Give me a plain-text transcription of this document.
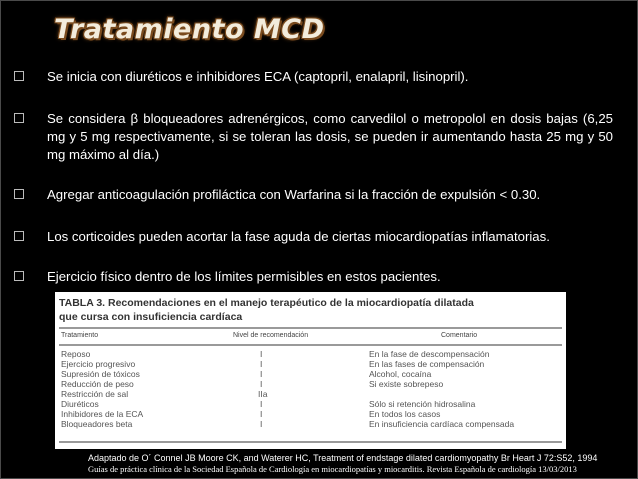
Tratamiento MCD
Se inicia con diuréticos e inhibidores ECA (captopril, enalapril, lisinopril).
Se considera β bloqueadores adrenérgicos, como carvedilol o metropolol en dosis bajas (6,25 mg y 5 mg respectivamente, si se toleran las dosis, se pueden ir aumentando hasta 25 mg y 50 mg máximo al día.)
Agregar anticoagulación profiláctica con Warfarina si la fracción de expulsión < 0.30.
Los corticoides pueden acortar la fase aguda de ciertas miocardiopatías inflamatorias.
Ejercicio físico dentro de los límites permisibles en estos pacientes.
TABLA 3. Recomendaciones en el manejo terapéutico de la miocardiopatía dilatada
que cursa con insuficiencia cardíaca
Tratamiento	Nivel de recomendación	Comentario
Reposo	I	En la fase de descompensación
Ejercicio progresivo	I	En las fases de compensación
Supresión de tóxicos	I	Alcohol, cocaína
Reducción de peso	I	Si existe sobrepeso
Restricción de sal	IIa
Diuréticos	I	Sólo si retención hidrosalina
Inhibidores de la ECA	I	En todos los casos
Bloqueadores beta	I	En insuficiencia cardíaca compensada
Adaptado de O´ Connel JB Moore CK, and Waterer HC, Treatment of endstage dilated cardiomyopathy Br Heart J 72:S52, 1994
Guías de práctica clínica de la Sociedad Española de Cardiología en miocardiopatías y miocarditis. Revista Española de cardiología 13/03/2013
